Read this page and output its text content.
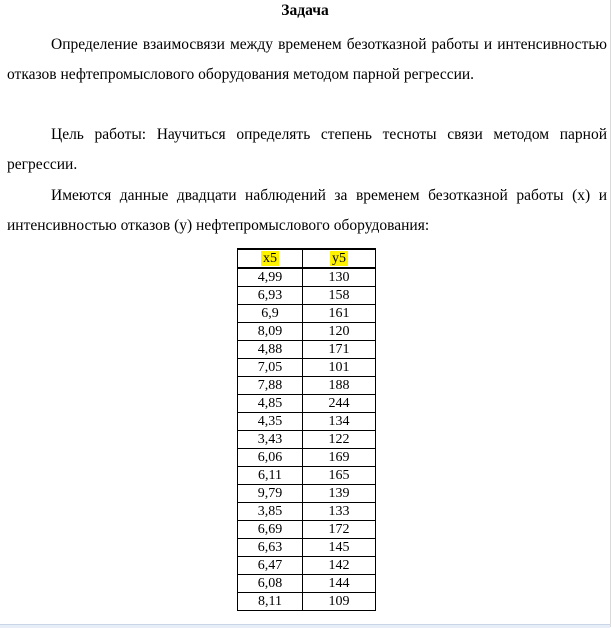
Задача

Определение взаимосвязи между временем безотказной работы и интенсивностью отказов нефтепромыслового оборудования методом парной регрессии.

Цель работы: Научиться определять степень тесноты связи методом парной регрессии.

Имеются данные двадцати наблюдений за временем безотказной работы (x) и интенсивностью отказов (y) нефтепромыслового оборудования:

x5	y5
4,99	130
6,93	158
6,9	161
8,09	120
4,88	171
7,05	101
7,88	188
4,85	244
4,35	134
3,43	122
6,06	169
6,11	165
9,79	139
3,85	133
6,69	172
6,63	145
6,47	142
6,08	144
8,11	109
